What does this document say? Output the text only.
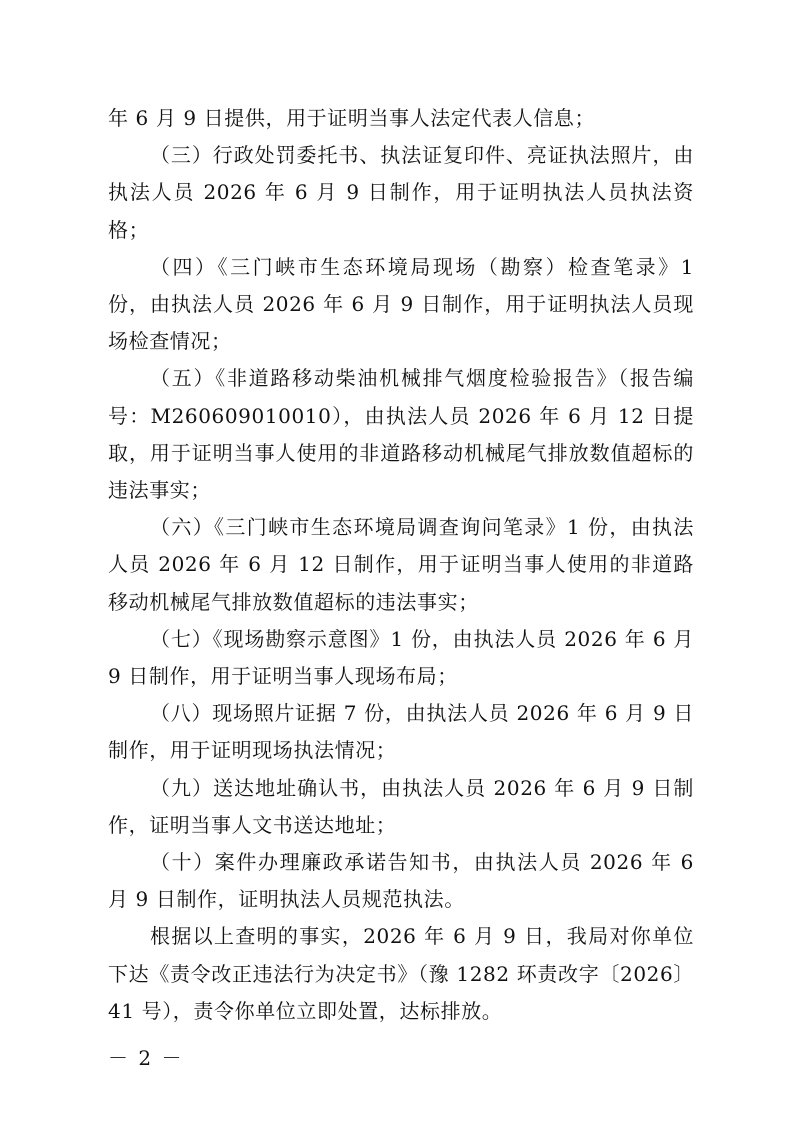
年 6 月 9 日提供，用于证明当事人法定代表人信息；

（三）行政处罚委托书、执法证复印件、亮证执法照片，由执法人员 2026 年 6 月 9 日制作，用于证明执法人员执法资格；

（四）《三门峡市生态环境局现场（勘察）检查笔录》1 份，由执法人员 2026 年 6 月 9 日制作，用于证明执法人员现场检查情况；

（五）《非道路移动柴油机械排气烟度检验报告》（报告编号：M260609010010），由执法人员 2026 年 6 月 12 日提取，用于证明当事人使用的非道路移动机械尾气排放数值超标的违法事实；

（六）《三门峡市生态环境局调查询问笔录》1 份，由执法人员 2026 年 6 月 12 日制作，用于证明当事人使用的非道路移动机械尾气排放数值超标的违法事实；

（七）《现场勘察示意图》1 份，由执法人员 2026 年 6 月 9 日制作，用于证明当事人现场布局；

（八）现场照片证据 7 份，由执法人员 2026 年 6 月 9 日制作，用于证明现场执法情况；

（九）送达地址确认书，由执法人员 2026 年 6 月 9 日制作，证明当事人文书送达地址；

（十）案件办理廉政承诺告知书，由执法人员 2026 年 6 月 9 日制作，证明执法人员规范执法。

根据以上查明的事实，2026 年 6 月 9 日，我局对你单位下达《责令改正违法行为决定书》（豫 1282 环责改字〔2026〕41 号），责令你单位立即处置，达标排放。

－ 2 －
